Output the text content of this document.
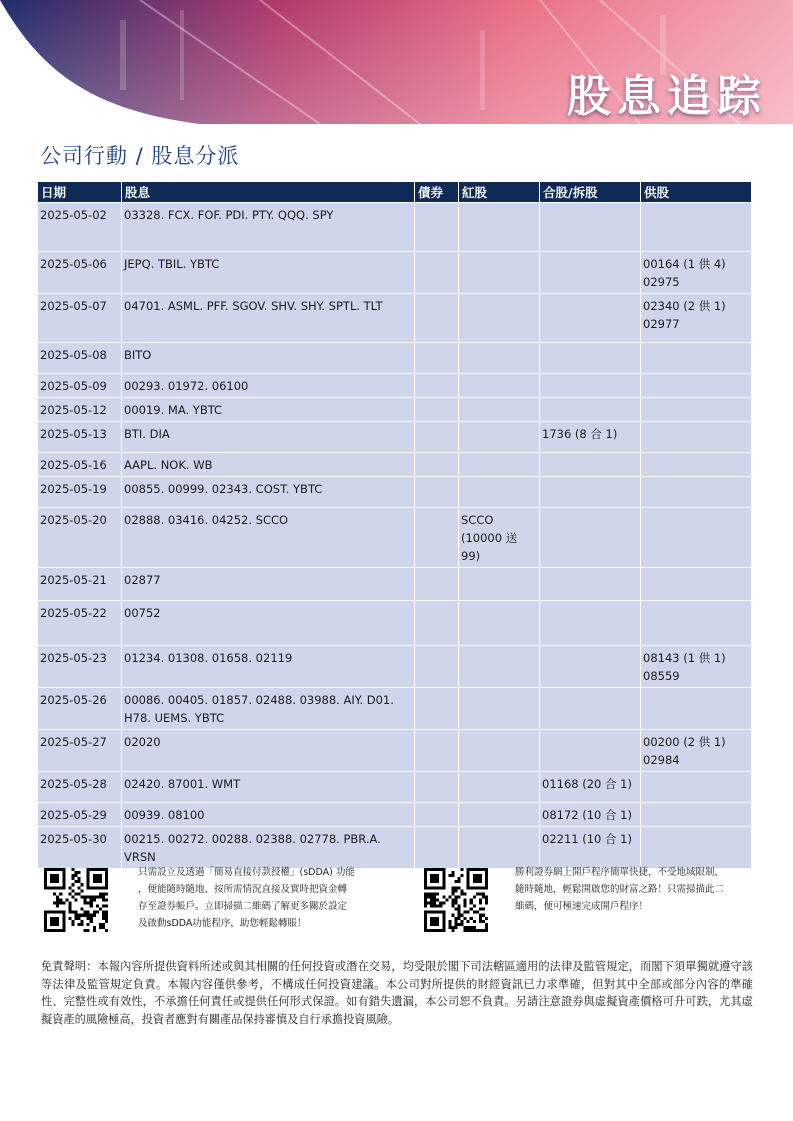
股息追踪
公司行動 / 股息分派
日期	股息	債券	紅股	合股/拆股	供股
2025-05-02	03328. FCX. FOF. PDI. PTY. QQQ. SPY				
2025-05-06	JEPQ. TBIL. YBTC				00164 (1 供 4)
02975
2025-05-07	04701. ASML. PFF. SGOV. SHV. SHY. SPTL. TLT				02340 (2 供 1)
02977
2025-05-08	BITO				
2025-05-09	00293. 01972. 06100				
2025-05-12	00019. MA. YBTC				
2025-05-13	BTI. DIA			1736 (8 合 1)	
2025-05-16	AAPL. NOK. WB				
2025-05-19	00855. 00999. 02343. COST. YBTC				
2025-05-20	02888. 03416. 04252. SCCO		SCCO (10000 送 99)		
2025-05-21	02877				
2025-05-22	00752				
2025-05-23	01234. 01308. 01658. 02119				08143 (1 供 1)
08559
2025-05-26	00086. 00405. 01857. 02488. 03988. AIY. D01.
H78. UEMS. YBTC				
2025-05-27	02020				00200 (2 供 1)
02984
2025-05-28	02420. 87001. WMT			01168 (20 合 1)	
2025-05-29	00939. 08100			08172 (10 合 1)	
2025-05-30	00215. 00272. 00288. 02388. 02778. PBR.A.
VRSN			02211 (10 合 1)	
只需設立及透過「簡易直接付款授權」(sDDA) 功能
，便能隨時隨地、按所需情況直接及實時把資金轉
存至證券帳戶。立即掃描二維碼了解更多關於設定
及啟動sDDA功能程序，助您輕鬆轉賬！
勝利證券網上開戶程序簡單快捷，不受地域限制，
隨時隨地，輕鬆開啟您的財富之路！只需掃描此二
維碼，便可極速完成開戶程序！
免責聲明：本報內容所提供資料所述或與其相關的任何投資或潛在交易，均受限於閣下司法轄區適用的法律及監管規定，而閣下須單獨就遵守該等法律及監管規定負責。本報內容僅供參考，不構成任何投資建議。本公司對所提供的財經資訊已力求準確，但對其中全部或部分內容的準確性、完整性或有效性，不承擔任何責任或提供任何形式保證。如有錯失遺漏，本公司恕不負責。另請注意證券與虛擬資產價格可升可跌，尤其虛擬資產的風險極高，投資者應對有關產品保持審慎及自行承擔投資風險。
